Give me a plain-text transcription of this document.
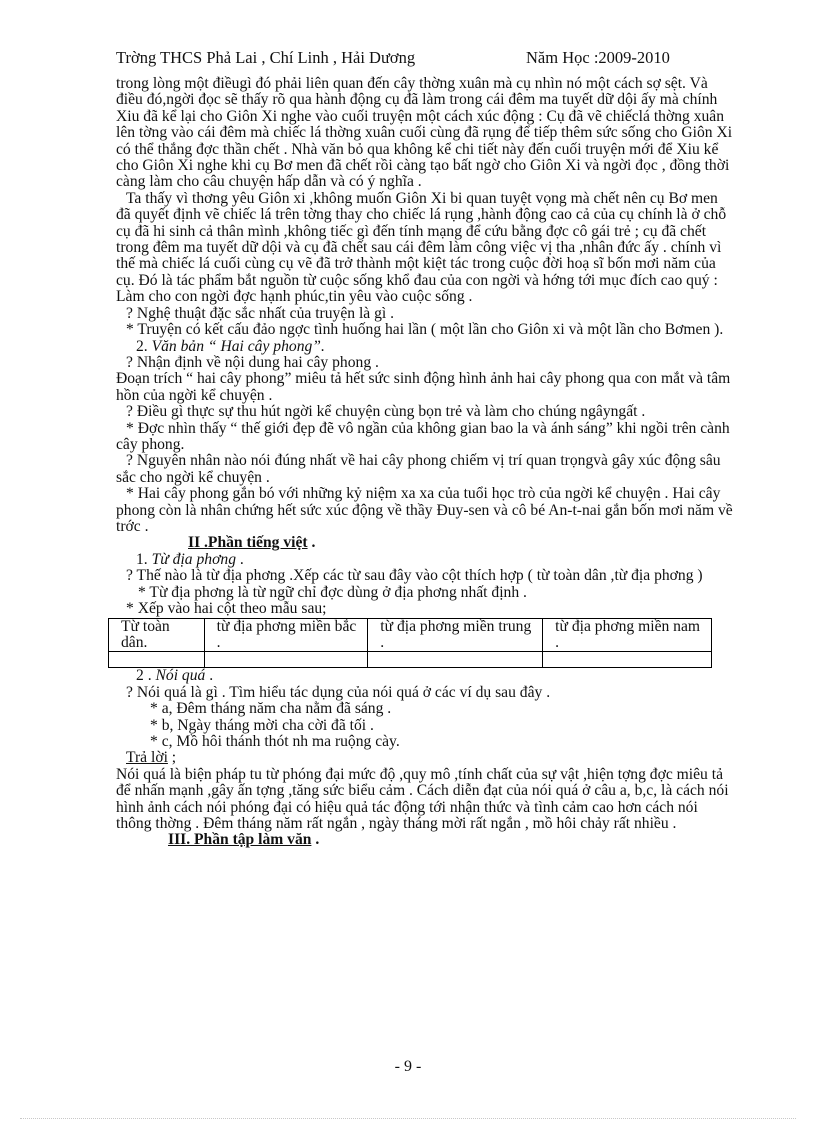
Trờng THCS Phả Lai , Chí Linh , Hải Dương	Năm Học :2009-2010

trong lòng một điềugì đó phải liên quan đến cây thờng xuân mà cụ nhìn nó một cách sợ sệt. Và điều đó,ngời đọc sẽ thấy rõ qua hành động cụ đã làm trong cái đêm ma tuyết dữ dội ấy mà chính Xiu đã kể lại cho Giôn Xi nghe vào cuối truyện một cách xúc động : Cụ đã vẽ chiếclá thờng xuân lên tờng vào cái đêm mà chiếc lá thờng xuân cuối cùng đã rụng để tiếp thêm sức sống cho Giôn Xi có thể thắng đợc thần chết . Nhà văn bỏ qua không kể chi tiết này đến cuối truyện mới để Xiu kể cho Giôn Xi nghe khi cụ Bơ men đã chết rồi càng tạo bất ngờ cho Giôn Xi và ngời đọc , đồng thời càng làm cho câu chuyện hấp dẫn và có ý nghĩa .

Ta thấy vì thơng yêu Giôn xi ,không muốn Giôn Xi bi quan tuyệt vọng mà chết nên cụ Bơ men đã quyết định vẽ chiếc lá trên tờng thay cho chiếc lá rụng ,hành động cao cả của cụ chính là ở chỗ cụ đã hi sinh cả thân mình ,không tiếc gì đến tính mạng để cứu bằng đợc cô gái trẻ ; cụ đã chết trong đêm ma tuyết dữ dội và cụ đã chết sau cái đêm làm công việc vị tha ,nhân đức ấy . chính vì thế mà chiếc lá cuối cùng cụ vẽ đã trở thành một kiệt tác trong cuộc đời hoạ sĩ bốn mơi năm của cụ. Đó là tác phẩm bắt nguồn từ cuộc sống khổ đau của con ngời và hớng tới mục đích cao quý : Làm cho con ngời đợc hạnh phúc,tin yêu vào cuộc sống .

? Nghệ thuật đặc sắc nhất của truyện là gì .

* Truyện có kết cấu đảo ngợc tình huống hai lần ( một lần cho Giôn xi và một lần cho Bơmen ).

2. Văn bản “ Hai cây phong”.

? Nhận định về nội dung hai cây phong .

Đoạn trích “ hai cây phong” miêu tả hết sức sinh động hình ảnh hai cây phong qua con mắt và tâm hồn của ngời kể chuyện .

? Điều gì thực sự thu hút ngời kể chuyện cùng bọn trẻ và làm cho chúng ngâyngất .

* Đợc nhìn thấy “ thế giới đẹp đẽ vô ngần của không gian bao la và ánh sáng” khi ngồi trên cành cây phong.

? Nguyên nhân nào nói đúng nhất về hai cây phong chiếm vị trí quan trọngvà gây xúc động sâu sắc cho ngời kể chuyện .

* Hai cây phong gắn bó với những kỷ niệm xa xa của tuổi học trò của ngời kể chuyện . Hai cây phong còn là nhân chứng hết sức xúc động về thầy Đuy-sen và cô bé An-t-nai gắn bốn mơi năm về trớc .

II .Phần tiếng việt .

1. Từ địa phơng .

? Thế nào là từ địa phơng .Xếp các từ sau đây vào cột thích hợp ( từ toàn dân ,từ địa phơng )

* Từ địa phơng là từ ngữ chỉ đợc dùng ở địa phơng nhất định .

* Xếp vào hai cột theo mẫu sau;

Từ toàn dân.	từ địa phơng miền bắc .	từ địa phơng miền trung .	từ địa phơng miền nam .

2 . Nói quá .

? Nói quá là gì . Tìm hiểu tác dụng của nói quá ở các ví dụ sau đây .

* a, Đêm tháng năm cha nằm đã sáng .

* b, Ngày tháng mời cha cời đã tối .

* c, Mồ hôi thánh thót nh ma ruộng cày.

Trả lời ;

Nói quá là biện pháp tu từ phóng đại mức độ ,quy mô ,tính chất của sự vật ,hiện tợng đợc miêu tả để nhấn mạnh ,gây ấn tợng ,tăng sức biểu cảm . Cách diễn đạt của nói quá ở câu a, b,c, là cách nói hình ảnh cách nói phóng đại có hiệu quả tác động tới nhận thức và tình cảm cao hơn cách nói thông thờng . Đêm tháng năm rất ngắn , ngày tháng mời rất ngắn , mồ hôi chảy rất nhiều .

III. Phần tập làm văn .

- 9 -
